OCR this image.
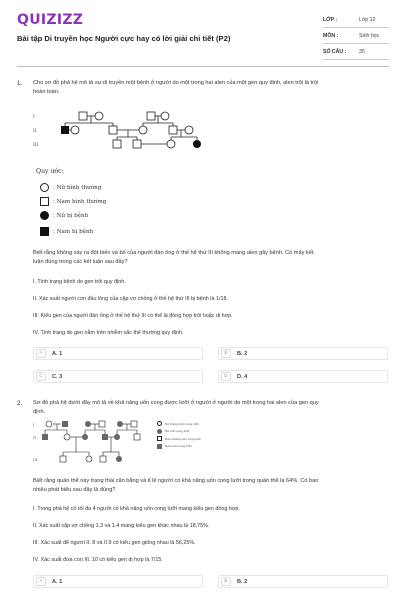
QUIZIZZ
Bài tập Di truyền học Người cực hay có lời giải chi tiết (P2)
LỚP :	Lớp 12
MÔN :	Sinh học
SỐ CÂU :	35
1. Cho sơ đồ phả hệ mô tả sự di truyền một bệnh ở người do một trong hai alen của một gen quy định, alen trội là trội
hoàn toàn.
I
II
III
Quy ước:
: Nữ bình thường
: Nam bình thường
: Nữ bị bệnh
: Nam bị bệnh
Biết rằng không xảy ra đột biến và bố của người đàn ông ở thế hệ thứ III không mang alen gây bệnh. Có mấy kết
luận đúng trong các kết luận sau đây?
I. Tình trạng bệnh do gen trội quy định.
II. Xác suất người con đầu lòng của cặp vợ chồng ở thế hệ thứ III bị bệnh là 1/18.
III. Kiểu gen của người đàn ông ở thế hệ thứ III có thể là đồng hợp trội hoặc dị hợp.
IV. Tình trạng do gen nằm trên nhiễm sắc thể thường quy định.
A	A. 1	B	B. 2
C	C. 3	D	D. 4
2. Sơ đồ phả hệ dưới đây mô tả về khả năng uốn cong được lưỡi ở người ở người do một trong hai alen của gen quy
định.
I
II
III
Nữ không uốn cong lưỡi
Nữ uốn cong lưỡi
Nam không uốn cong lưỡi
Nam uốn cong lưỡi
Biết rằng quần thể này trạng thái cân bằng và tỉ lệ người có khả năng uốn cong lưỡi trong quần thể là 64%. Có bao
nhiêu phát biểu sau đây là đúng?
I. Trong phả hệ có tối đa 4 người có khả năng uốn cong lưỡi mang kiểu gen đồng hợp.
II. Xác suất cặp vợ chồng 1.3 và 1.4 mang kiểu gen khác nhau là 18,75%.
III. Xác suất để người II. 8 và II.9 có kiểu gen giống nhau là 56,25%.
IV. Xác suất đứa con III. 10 có kiểu gen dị hợp là 7/15.
A	A. 1	B	B. 2
